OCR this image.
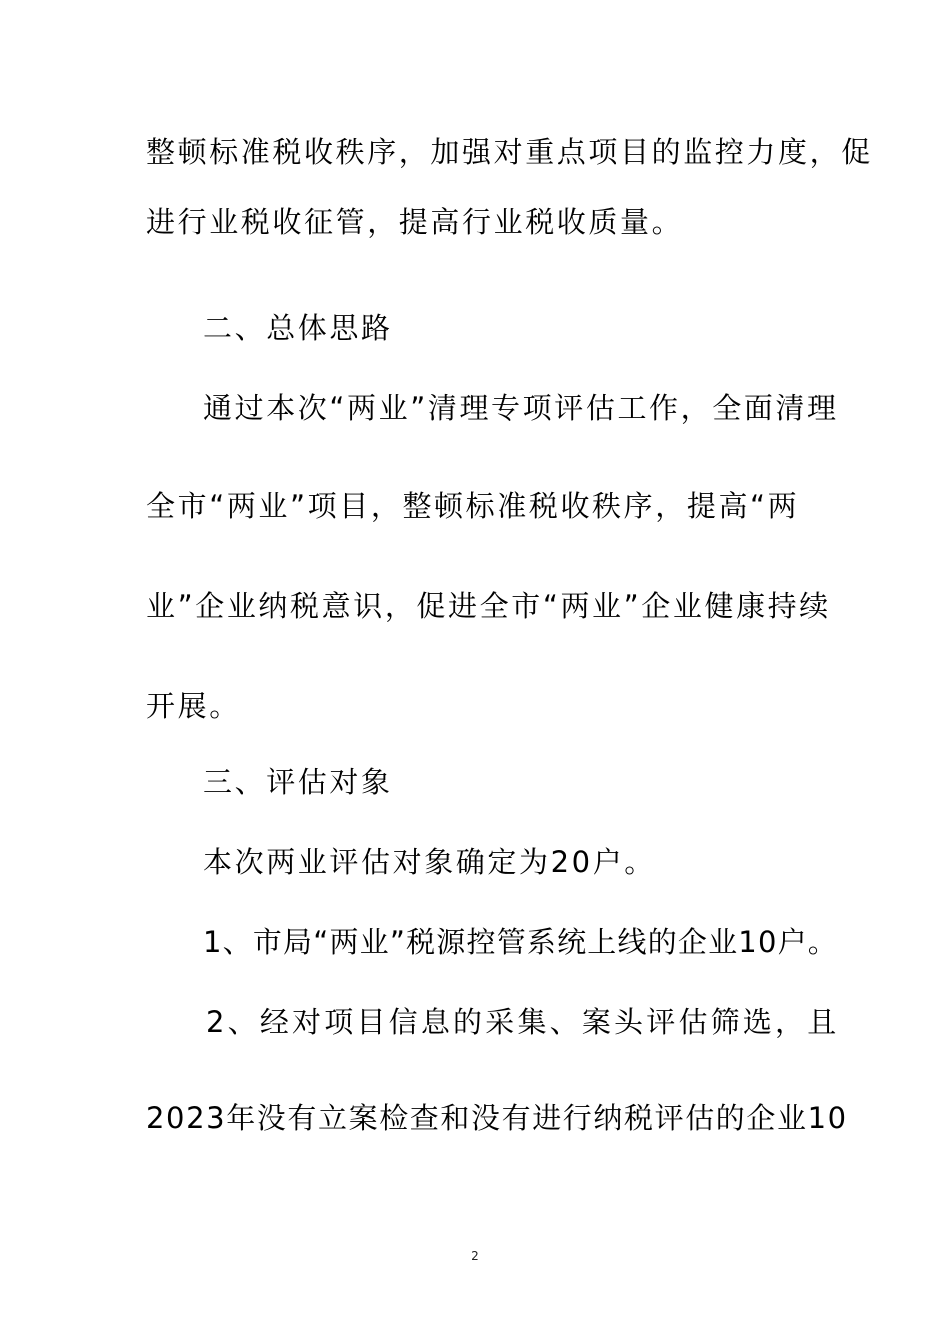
整顿标准税收秩序，加强对重点项目的监控力度，促
进行业税收征管，提高行业税收质量。
二、总体思路
通过本次“两业”清理专项评估工作，全面清理
全市“两业”项目，整顿标准税收秩序，提高“两
业”企业纳税意识，促进全市“两业”企业健康持续
开展。
三、评估对象
本次两业评估对象确定为20户。
1、市局“两业”税源控管系统上线的企业10户。
2、经对项目信息的采集、案头评估筛选，且
2023年没有立案检查和没有进行纳税评估的企业10
2
